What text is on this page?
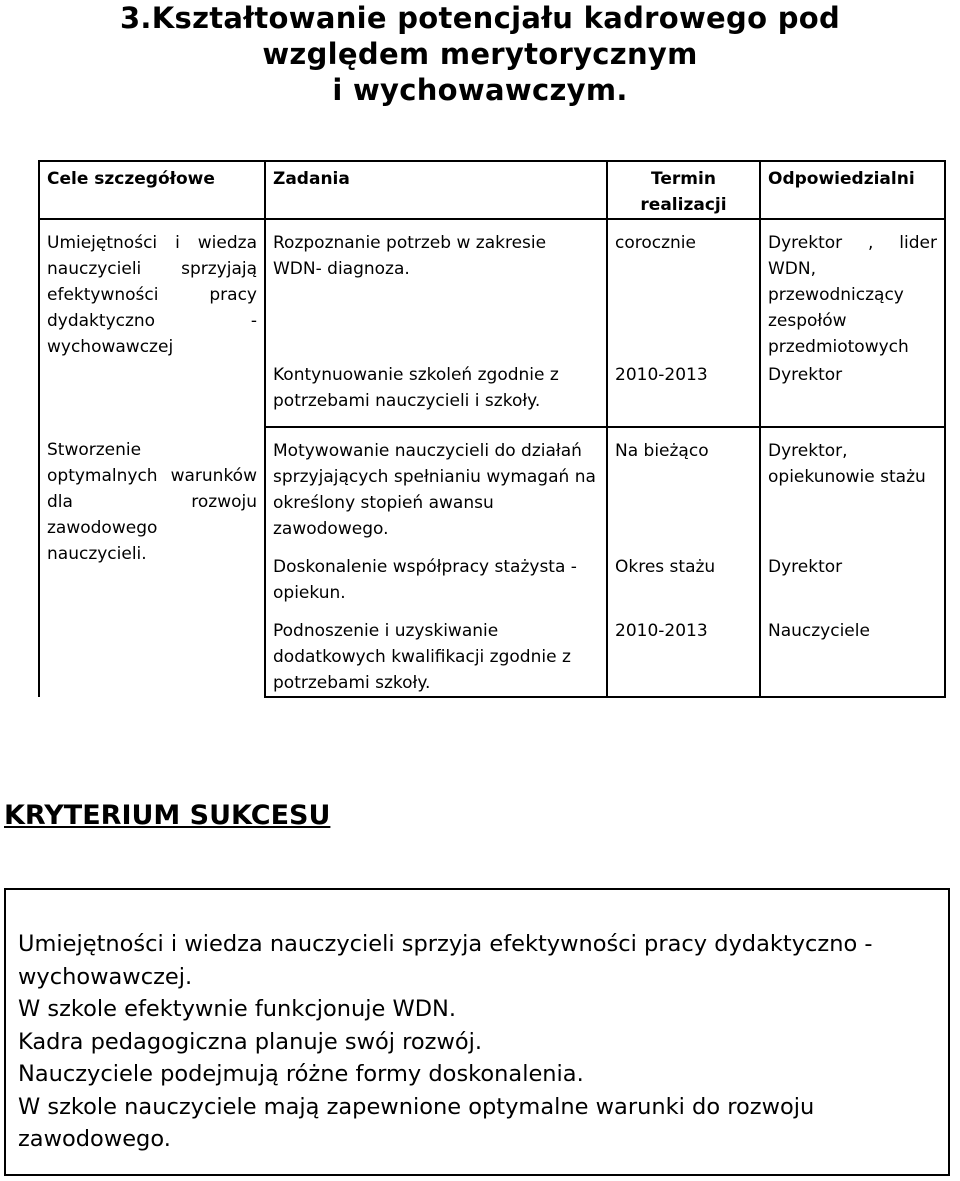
3.Kształtowanie potencjału kadrowego pod
względem merytorycznym
i wychowawczym.
Cele szczegółowe	Zadania	Termin realizacji	Odpowiedzialni
Umiejętności i wiedza nauczycieli sprzyjają efektywności pracy dydaktyczno - wychowawczej	Rozpoznanie potrzeb w zakresie WDN- diagnoza.	corocznie	Dyrektor , lider
WDN,
przewodniczący
zespołów
przedmiotowych

	Kontynuowanie szkoleń zgodnie z potrzebami nauczycieli i szkoły.	2010-2013	Dyrektor

Stworzenie optymalnych warunków dla rozwoju zawodowego nauczycieli.	Motywowanie nauczycieli do działań sprzyjających spełnianiu wymagań na określony stopień awansu zawodowego.	Na bieżąco	Dyrektor,
opiekunowie stażu

	Doskonalenie współpracy stażysta - opiekun.	Okres stażu	Dyrektor

	Podnoszenie i uzyskiwanie dodatkowych kwalifikacji zgodnie z potrzebami szkoły.	2010-2013	Nauczyciele
KRYTERIUM SUKCESU
Umiejętności i wiedza nauczycieli sprzyja efektywności pracy dydaktyczno - wychowawczej.
W szkole efektywnie funkcjonuje WDN.
Kadra pedagogiczna planuje swój rozwój.
Nauczyciele podejmują różne formy doskonalenia.
W szkole nauczyciele mają zapewnione optymalne warunki do rozwoju zawodowego.
